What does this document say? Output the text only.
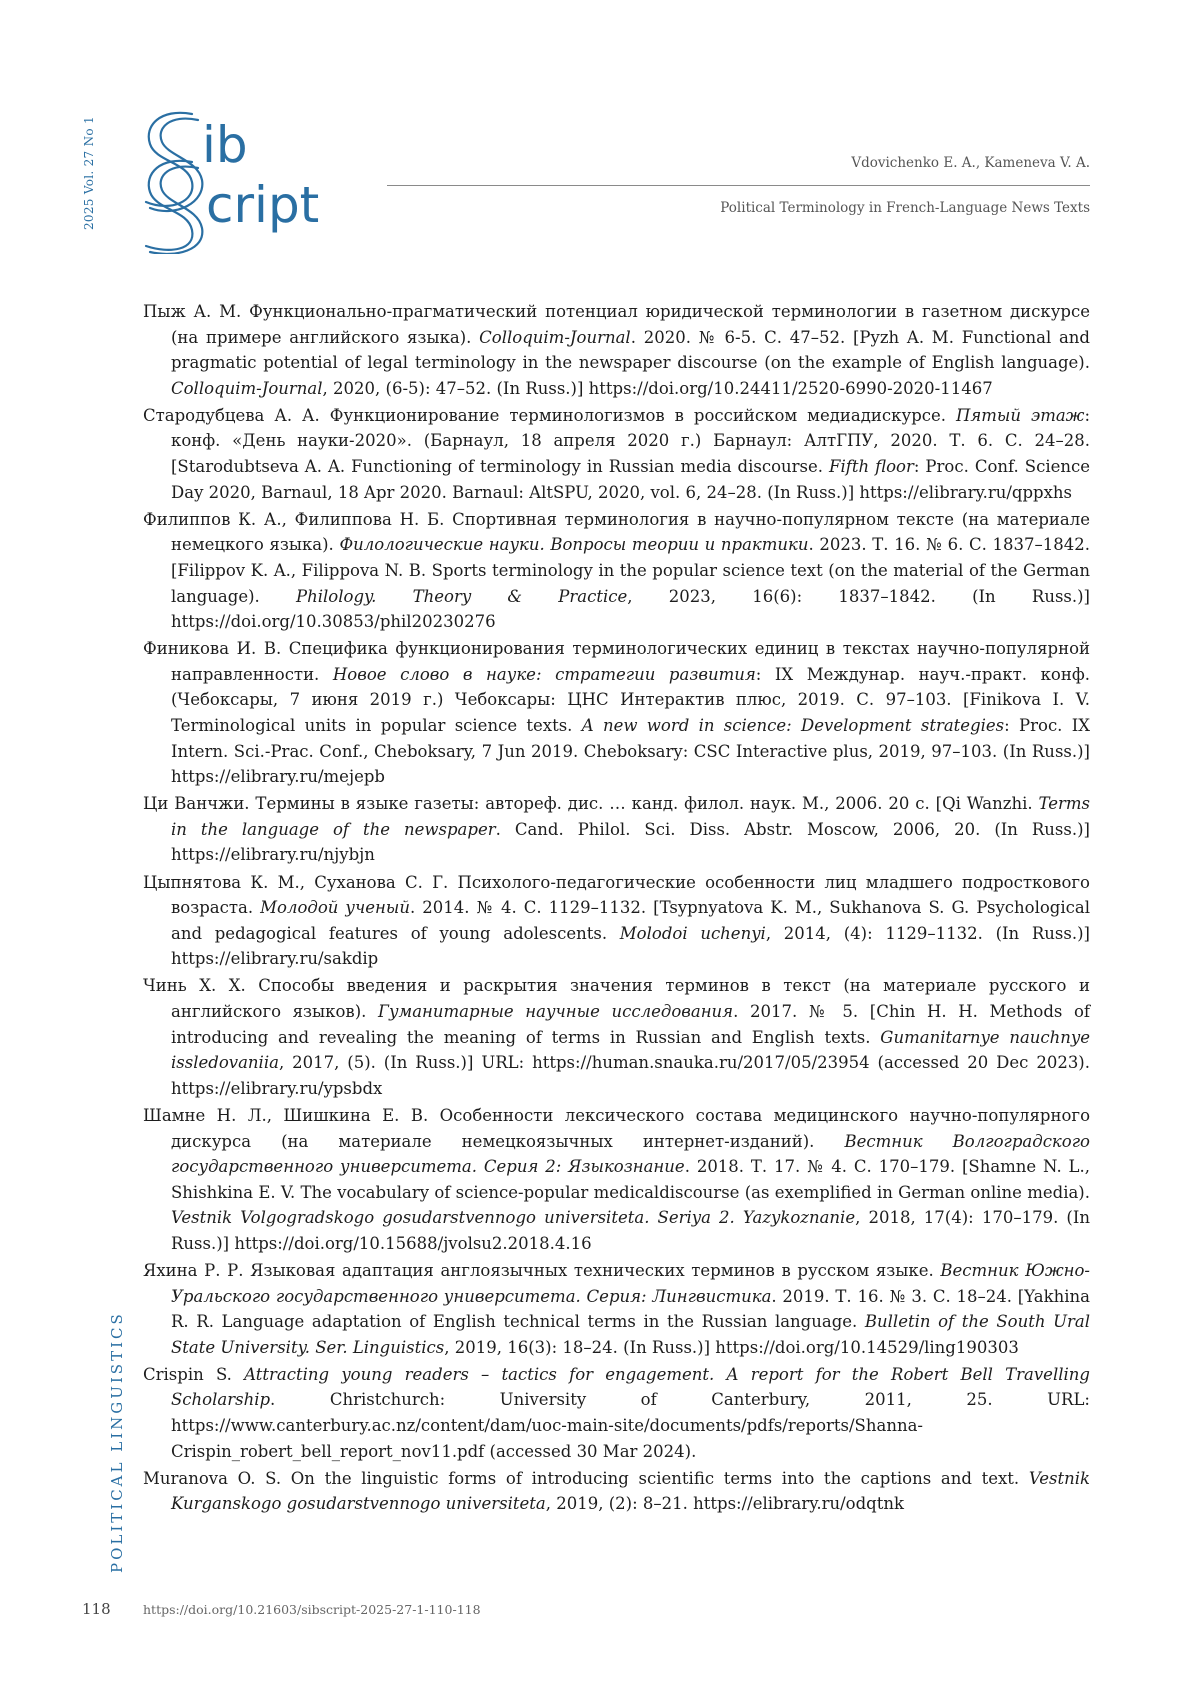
2025 Vol. 27 No 1 ib
cript
Vdovichenko E. A., Kameneva V. A.
Political Terminology in French-Language News Texts
Пыж А. М. Функционально-прагматический потенциал юридической терминологии в газетном дискурсе (на примере английского языка). Colloquim-Journal. 2020. № 6-5. С. 47–52. [Pyzh A. M. Functional and pragmatic potential of legal terminology in the newspaper discourse (on the example of English language). Colloquim-Journal, 2020, (6-5): 47–52. (In Russ.)] https://doi.org/10.24411/2520-6990-2020-11467
Стародубцева А. А. Функционирование терминологизмов в российском медиадискурсе. Пятый этаж: конф. «День науки-2020». (Барнаул, 18 апреля 2020 г.) Барнаул: АлтГПУ, 2020. Т. 6. С. 24–28. [Starodubtseva A. A. Functioning of terminology in Russian media discourse. Fifth floor: Proc. Conf. Science Day 2020, Barnaul, 18 Apr 2020. Barnaul: AltSPU, 2020, vol. 6, 24–28. (In Russ.)] https://elibrary.ru/qppxhs
Филиппов К. А., Филиппова Н. Б. Спортивная терминология в научно-популярном тексте (на материале немецкого языка). Филологические науки. Вопросы теории и практики. 2023. Т. 16. № 6. С. 1837–1842. [Filippov K. A., Filippova N. B. Sports terminology in the popular science text (on the material of the German language). Philology. Theory & Practice, 2023, 16(6): 1837–1842. (In Russ.)] https://doi.org/10.30853/phil20230276
Финикова И. В. Специфика функционирования терминологических единиц в текстах научно-популярной направленности. Новое слово в науке: стратегии развития: IX Междунар. науч.-практ. конф. (Чебоксары, 7 июня 2019 г.) Чебоксары: ЦНС Интерактив плюс, 2019. С. 97–103. [Finikova I. V. Terminological units in popular science texts. A new word in science: Development strategies: Proc. IX Intern. Sci.-Prac. Conf., Cheboksary, 7 Jun 2019. Cheboksary: CSC Interactive plus, 2019, 97–103. (In Russ.)] https://elibrary.ru/mejepb
Ци Ванчжи. Термины в языке газеты: автореф. дис. … канд. филол. наук. М., 2006. 20 с. [Qi Wanzhi. Terms in the language of the newspaper. Cand. Philol. Sci. Diss. Abstr. Moscow, 2006, 20. (In Russ.)] https://elibrary.ru/njybjn
Цыпнятова К. М., Суханова С. Г. Психолого-педагогические особенности лиц младшего подросткового возраста. Молодой ученый. 2014. № 4. С. 1129–1132. [Tsypnyatova K. M., Sukhanova S. G. Psychological and pedagogical features of young adolescents. Molodoi uchenyi, 2014, (4): 1129–1132. (In Russ.)] https://elibrary.ru/sakdip
Чинь Х. Х. Способы введения и раскрытия значения терминов в текст (на материале русского и английского языков). Гуманитарные научные исследования. 2017. № 5. [Chin H. H. Methods of introducing and revealing the meaning of terms in Russian and English texts. Gumanitarnye nauchnye issledovaniia, 2017, (5). (In Russ.)] URL: https://human.snauka.ru/2017/05/23954 (accessed 20 Dec 2023). https://elibrary.ru/ypsbdx
Шамне Н. Л., Шишкина Е. В. Особенности лексического состава медицинского научно-популярного дискурса (на материале немецкоязычных интернет-изданий). Вестник Волгоградского государственного университета. Серия 2: Языкознание. 2018. Т. 17. № 4. С. 170–179. [Shamne N. L., Shishkina E. V. The vocabulary of science-popular medicaldiscourse (as exemplified in German online media). Vestnik Volgogradskogo gosudarstvennogo universiteta. Seriya 2. Yazykoznanie, 2018, 17(4): 170–179. (In Russ.)] https://doi.org/10.15688/jvolsu2.2018.4.16
Яхина Р. Р. Языковая адаптация англоязычных технических терминов в русском языке. Вестник Южно-Уральского государственного университета. Серия: Лингвистика. 2019. Т. 16. № 3. С. 18–24. [Yakhina R. R. Language adaptation of English technical terms in the Russian language. Bulletin of the South Ural State University. Ser. Linguistics, 2019, 16(3): 18–24. (In Russ.)] https://doi.org/10.14529/ling190303
Crispin S. Attracting young readers – tactics for engagement. A report for the Robert Bell Travelling Scholarship. Christchurch: University of Canterbury, 2011, 25. URL: https://www.canterbury.ac.nz/content/dam/uoc-main-site/documents/pdfs/reports/Shanna-Crispin_robert_bell_report_nov11.pdf (accessed 30 Mar 2024).
Muranova O. S. On the linguistic forms of introducing scientific terms into the captions and text. Vestnik Kurganskogo gosudarstvennogo universiteta, 2019, (2): 8–21. https://elibrary.ru/odqtnk
POLITICAL LINGUISTICS
118	https://doi.org/10.21603/sibscript-2025-27-1-110-118
